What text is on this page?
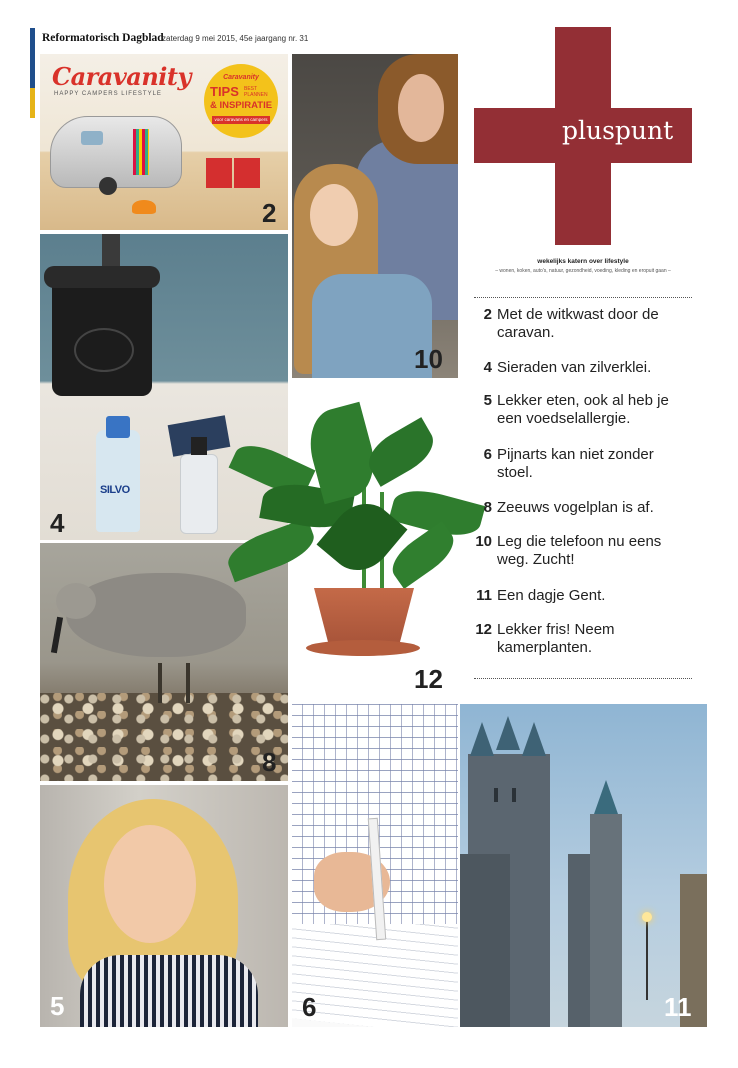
Reformatorisch Dagblad
zaterdag 9 mei 2015, 45e jaargang nr. 31
Caravanity
HAPPY CAMPERS LIFESTYLE
Caravanity
TIPS BEST PLANNEN
& INSPIRATIE
voor caravans en campers
2
SILVO
4
10
8
12
5	6	11
pluspunt
wekelijks katern over lifestyle
– wonen, koken, auto's, natuur, gezondheid, voeding, kleding en eropuit gaan –
2 Met de witkwast door de
caravan.
4 Sieraden van zilverklei.
5 Lekker eten, ook al heb je
een voedselallergie.
6 Pijnarts kan niet zonder
stoel.
8 Zeeuws vogelplan is af.
10 Leg die telefoon nu eens
weg. Zucht!
11 Een dagje Gent.
12 Lekker fris! Neem
kamerplanten.
